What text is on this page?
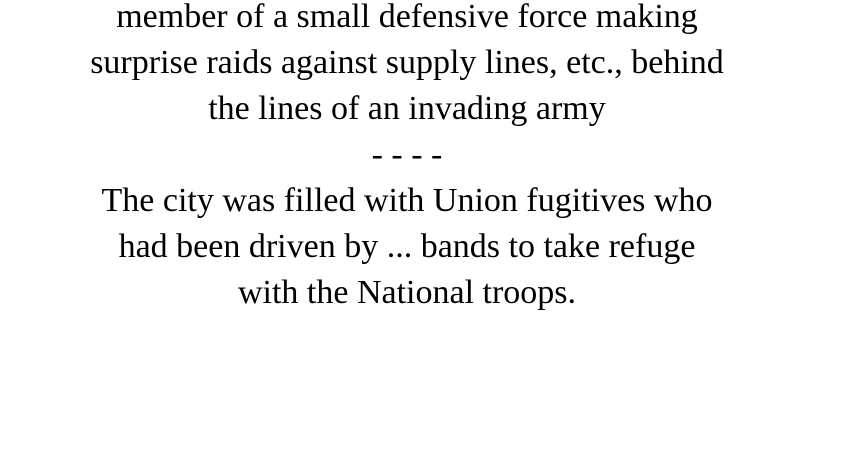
member of a small defensive force making
surprise raids against supply lines, etc., behind
the lines of an invading army
- - - -
The city was filled with Union fugitives who
had been driven by ... bands to take refuge
with the National troops.
